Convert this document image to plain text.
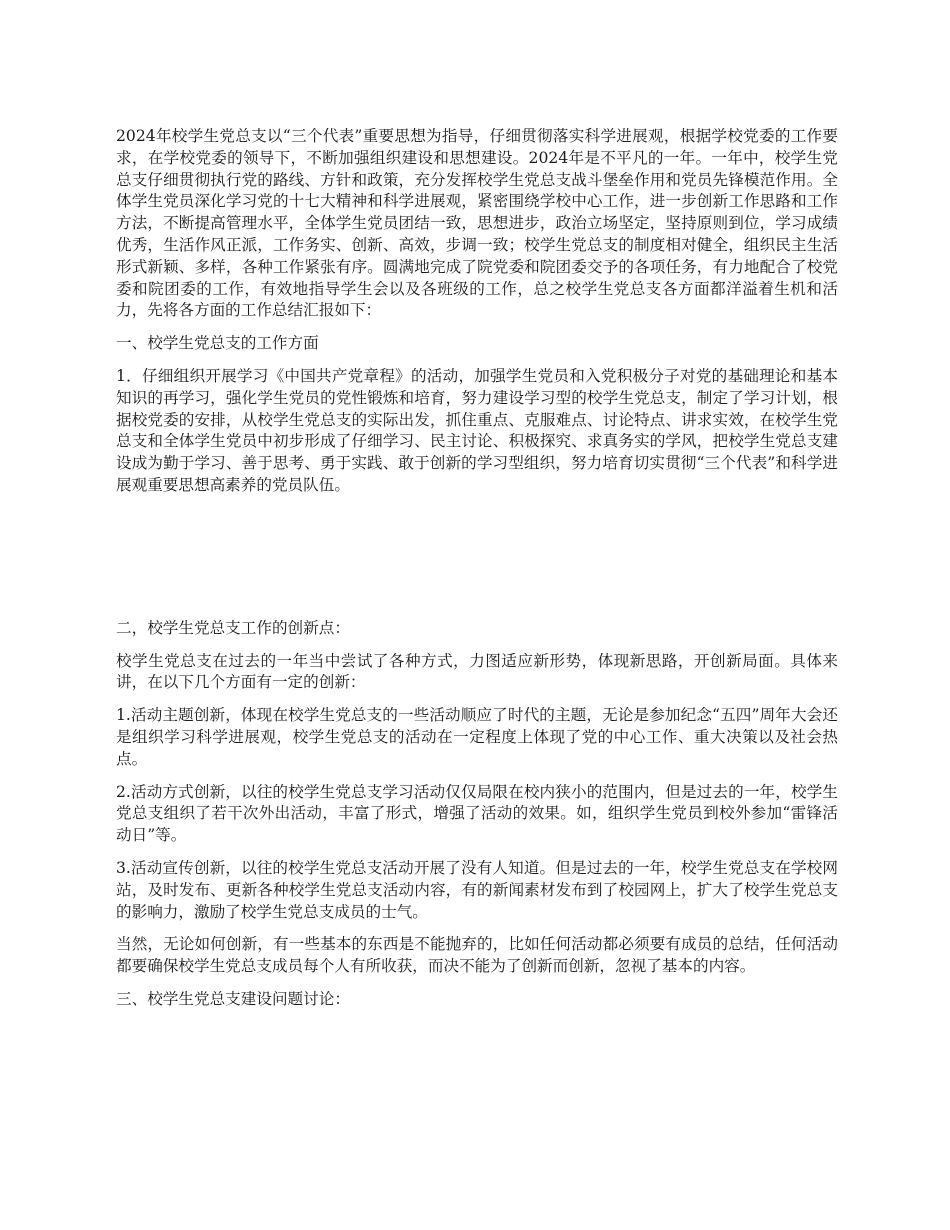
2024年校学生党总支以“三个代表”重要思想为指导，仔细贯彻落实科学进展观，根据学校党委的工作要求，在学校党委的领导下，不断加强组织建设和思想建设。2024年是不平凡的一年。一年中，校学生党总支仔细贯彻执行党的路线、方针和政策，充分发挥校学生党总支战斗堡垒作用和党员先锋模范作用。全体学生党员深化学习党的十七大精神和科学进展观，紧密围绕学校中心工作，进一步创新工作思路和工作方法，不断提高管理水平，全体学生党员团结一致，思想进步，政治立场坚定，坚持原则到位，学习成绩优秀，生活作风正派，工作务实、创新、高效，步调一致；校学生党总支的制度相对健全，组织民主生活形式新颖、多样，各种工作紧张有序。圆满地完成了院党委和院团委交予的各项任务，有力地配合了校党委和院团委的工作，有效地指导学生会以及各班级的工作，总之校学生党总支各方面都洋溢着生机和活力，先将各方面的工作总结汇报如下：

一、校学生党总支的工作方面

1．仔细组织开展学习《中国共产党章程》的活动，加强学生党员和入党积极分子对党的基础理论和基本知识的再学习，强化学生党员的党性锻炼和培育，努力建设学习型的校学生党总支，制定了学习计划，根据校党委的安排，从校学生党总支的实际出发，抓住重点、克服难点、讨论特点、讲求实效，在校学生党总支和全体学生党员中初步形成了仔细学习、民主讨论、积极探究、求真务实的学风，把校学生党总支建设成为勤于学习、善于思考、勇于实践、敢于创新的学习型组织，努力培育切实贯彻“三个代表”和科学进展观重要思想高素养的党员队伍。

二，校学生党总支工作的创新点：

校学生党总支在过去的一年当中尝试了各种方式，力图适应新形势，体现新思路，开创新局面。具体来讲，在以下几个方面有一定的创新：

1.活动主题创新，体现在校学生党总支的一些活动顺应了时代的主题，无论是参加纪念“五四”周年大会还是组织学习科学进展观，校学生党总支的活动在一定程度上体现了党的中心工作、重大决策以及社会热点。

2.活动方式创新，以往的校学生党总支学习活动仅仅局限在校内狭小的范围内，但是过去的一年，校学生党总支组织了若干次外出活动，丰富了形式，增强了活动的效果。如，组织学生党员到校外参加“雷锋活动日”等。

3.活动宣传创新，以往的校学生党总支活动开展了没有人知道。但是过去的一年，校学生党总支在学校网站，及时发布、更新各种校学生党总支活动内容，有的新闻素材发布到了校园网上，扩大了校学生党总支的影响力，激励了校学生党总支成员的士气。

当然，无论如何创新，有一些基本的东西是不能抛弃的，比如任何活动都必须要有成员的总结，任何活动都要确保校学生党总支成员每个人有所收获，而决不能为了创新而创新，忽视了基本的内容。

三、校学生党总支建设问题讨论：
